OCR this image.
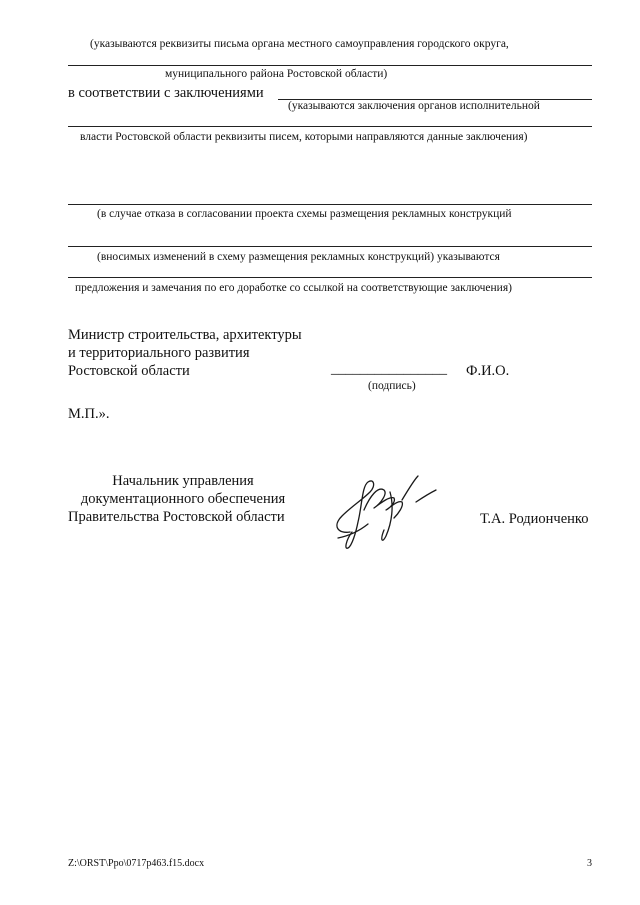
(указываются реквизиты письма органа местного самоуправления городского округа,
муниципального района Ростовской области)
в соответствии с заключениями
(указываются заключения органов исполнительной
власти Ростовской области реквизиты писем, которыми направляются данные заключения)
(в случае отказа в согласовании проекта схемы размещения рекламных конструкций
(вносимых изменений в схему размещения рекламных конструкций) указываются
предложения и замечания по его доработке со ссылкой на соответствующие заключения)
Министр строительства, архитектуры
и территориального развития
Ростовской области	________________ Ф.И.О.
(подпись)
М.П.».
Начальник управления
документационного обеспечения
Правительства Ростовской области	Т.А. Родионченко
Z:\ORST\Ppo\0717p463.f15.docx	3
